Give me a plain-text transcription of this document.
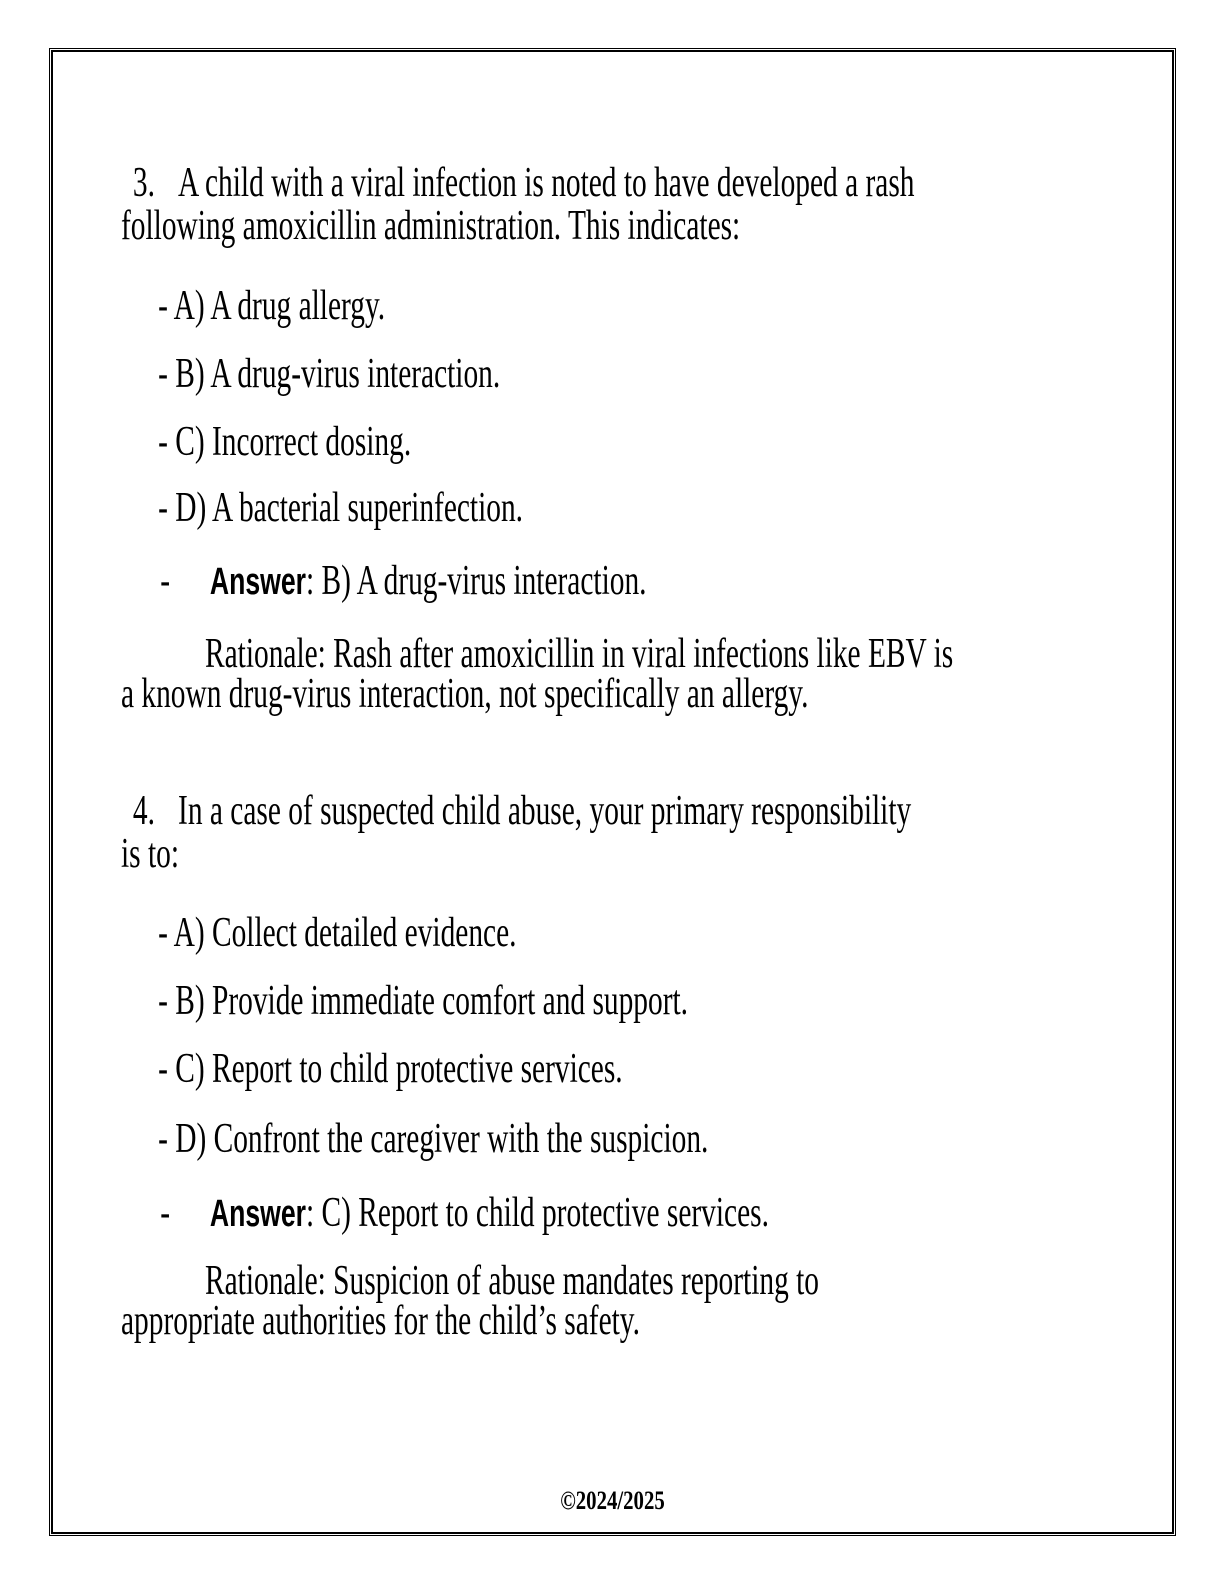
3. A child with a viral infection is noted to have developed a rash
following amoxicillin administration. This indicates:
- A) A drug allergy.
- B) A drug-virus interaction.
- C) Incorrect dosing.
- D) A bacterial superinfection.
- Answer: B) A drug-virus interaction.
Rationale: Rash after amoxicillin in viral infections like EBV is
a known drug-virus interaction, not specifically an allergy.
4. In a case of suspected child abuse, your primary responsibility
is to:
- A) Collect detailed evidence.
- B) Provide immediate comfort and support.
- C) Report to child protective services.
- D) Confront the caregiver with the suspicion.
- Answer: C) Report to child protective services.
Rationale: Suspicion of abuse mandates reporting to
appropriate authorities for the child’s safety.
©2024/2025
